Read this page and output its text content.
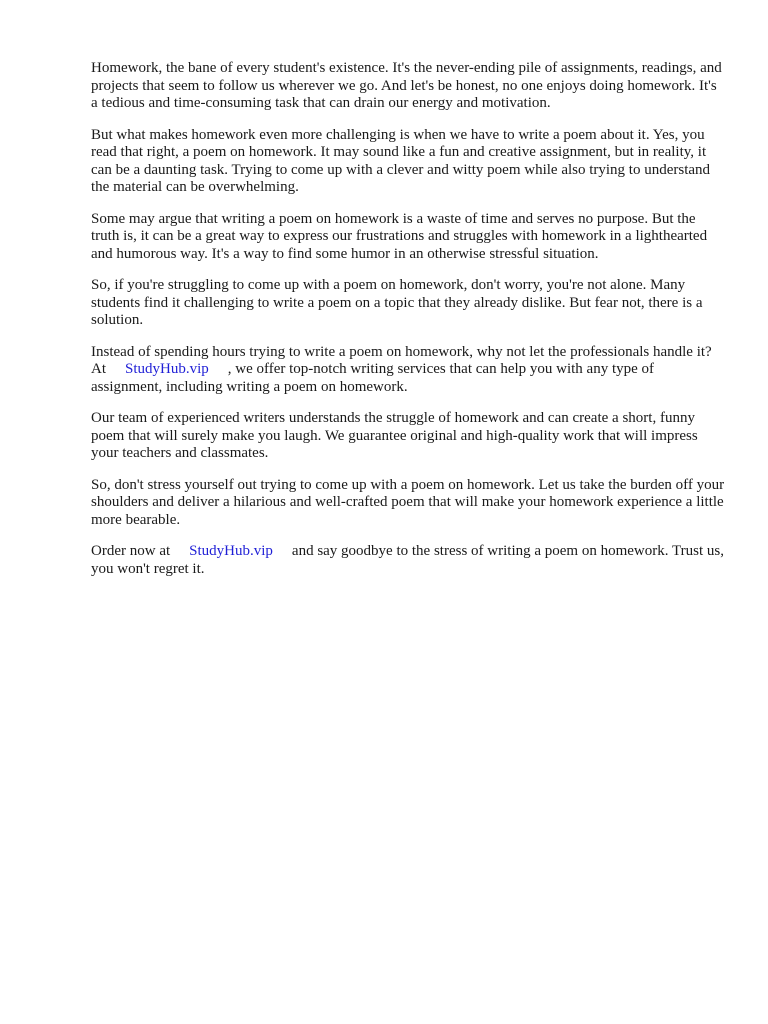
Homework, the bane of every student's existence. It's the never-ending pile of assignments, readings, and projects that seem to follow us wherever we go. And let's be honest, no one enjoys doing homework. It's a tedious and time-consuming task that can drain our energy and motivation.

But what makes homework even more challenging is when we have to write a poem about it. Yes, you read that right, a poem on homework. It may sound like a fun and creative assignment, but in reality, it can be a daunting task. Trying to come up with a clever and witty poem while also trying to understand the material can be overwhelming.

Some may argue that writing a poem on homework is a waste of time and serves no purpose. But the truth is, it can be a great way to express our frustrations and struggles with homework in a lighthearted and humorous way. It's a way to find some humor in an otherwise stressful situation.

So, if you're struggling to come up with a poem on homework, don't worry, you're not alone. Many students find it challenging to write a poem on a topic that they already dislike. But fear not, there is a solution.

Instead of spending hours trying to write a poem on homework, why not let the professionals handle it? At StudyHub.vip , we offer top-notch writing services that can help you with any type of assignment, including writing a poem on homework.

Our team of experienced writers understands the struggle of homework and can create a short, funny poem that will surely make you laugh. We guarantee original and high-quality work that will impress your teachers and classmates.

So, don't stress yourself out trying to come up with a poem on homework. Let us take the burden off your shoulders and deliver a hilarious and well-crafted poem that will make your homework experience a little more bearable.

Order now at StudyHub.vip and say goodbye to the stress of writing a poem on homework. Trust us, you won't regret it.
